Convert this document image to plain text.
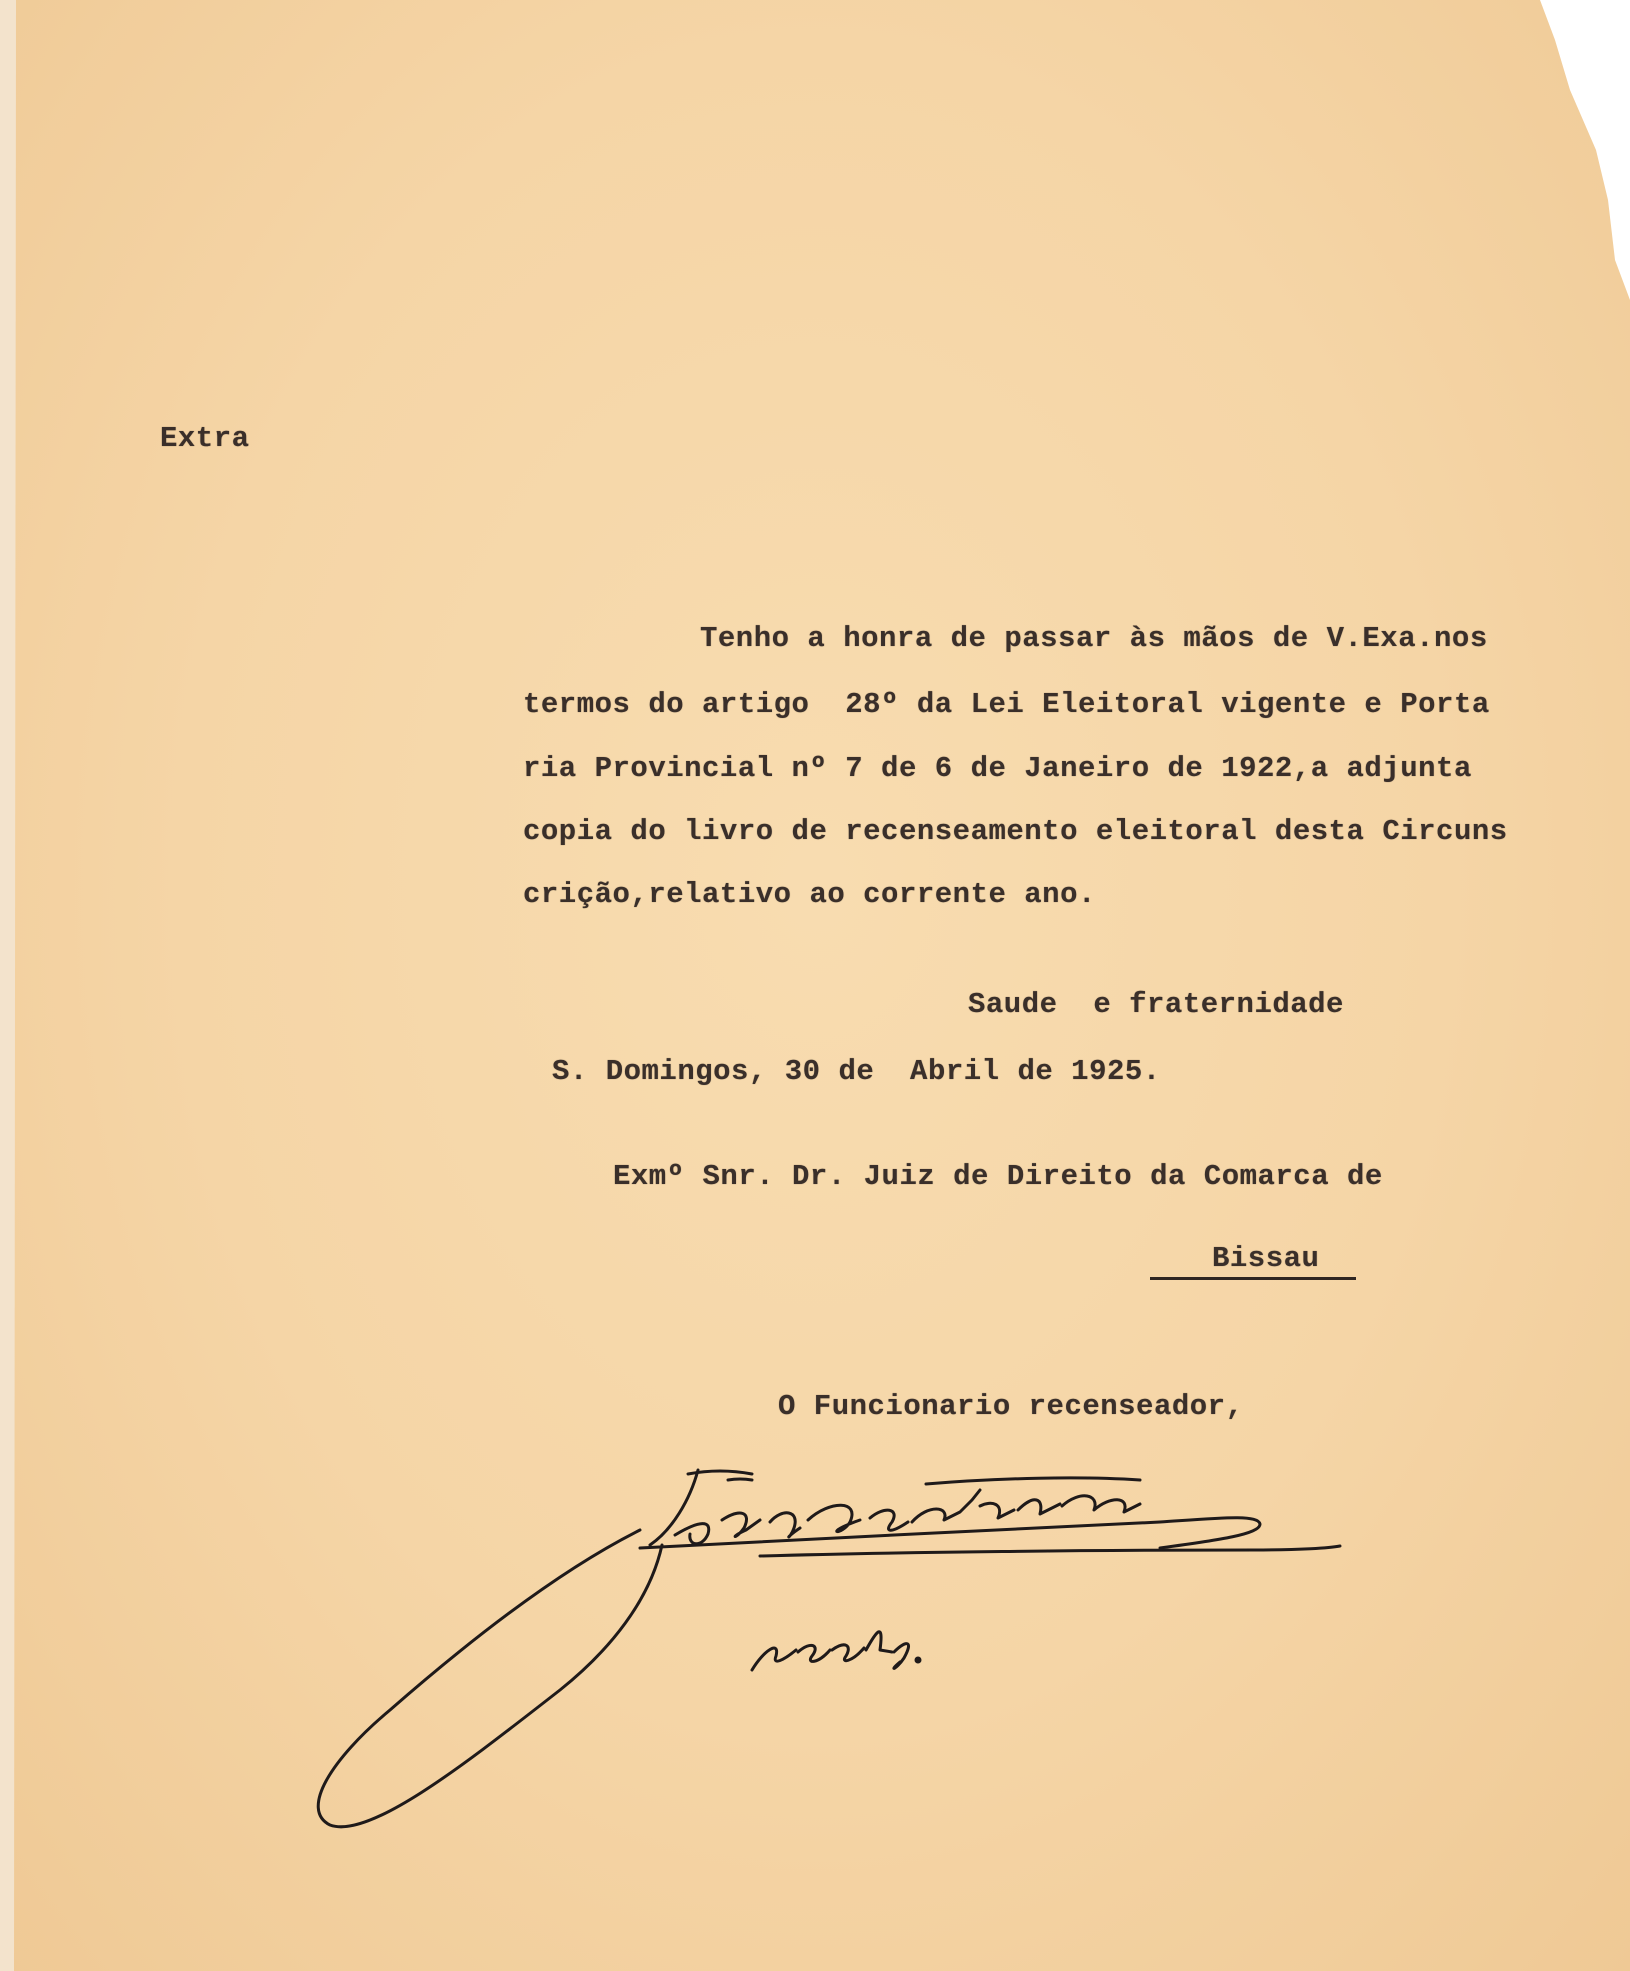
Extra
Tenho a honra de passar às mãos de V.Exa.nos
termos do artigo  28º da Lei Eleitoral vigente e Porta
ria Provincial nº 7 de 6 de Janeiro de 1922,a adjunta
copia do livro de recenseamento eleitoral desta Circuns
crição,relativo ao corrente ano.
Saude  e fraternidade
S. Domingos, 30 de  Abril de 1925.
Exmº Snr. Dr. Juiz de Direito da Comarca de
Bissau
O Funcionario recenseador,
